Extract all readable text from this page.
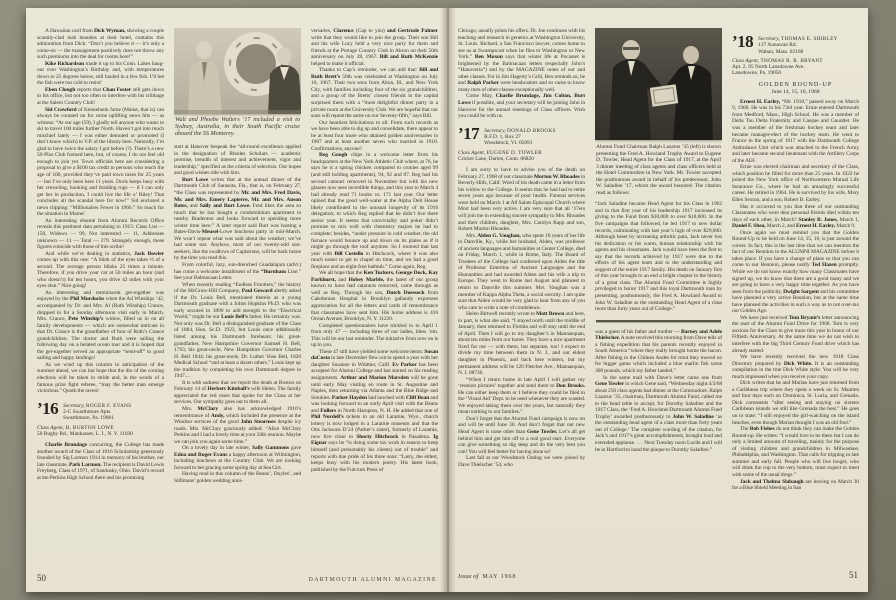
A Hawaiian card from Dick Wyman, showing a couple scantily-clad lush beauties at their hotel, contains this admonition from Dick: “Don’t you believe it — it’s only a come-on — the management positively does not throw any such premiums into the deal for rooms here!”

Kike Richardson made it up to his Conn. Lakes hang-out over Washington’s Birthday and, with temperatures down to 25 degrees below, still hauled in a few fish. I’ll bet the fish were too cold to resist!

Eben Clough reports that Chan Foster still gets down to his office, but not too often to interfere with his cribbage at the Salem Country Club!

Sid Crawford of Kennebunk fame (Maine, that is) can always be counted on for some uplifting news bits — as witness: “At our age (59), I gladly tell anyone who wants to ski to travel 100 miles further North. Haven’t got into much mischief lately — I was either demoted or promoted (I don’t know which) to V.P. of the library here. Naturally, I’m glad to have twice the salary I got before (?). There’s a new 50-Plus Club formed here, but, of course, I do not feel old enough to join yet. Town officials here are considering a proposal to give a $100 tax credit to persons who reach the age of 100, provided they’ve paid town taxes for 25 years — but I’ve only been here 11 years. Doris keeps busy with her creweling, hooking and braiding rugs — if I can only get her in production, I could live the life o’ Riley! That concludes all the scandal here for now!” Sid enclosed a news clipping: “Millionaires Fewer in 1966.” So much for the situation in Maine!

An interesting résumé from Alumni Records Office reveals this pertinent data pertaining to 1915: Class List — 158, Widows — 99, Not interested — 11, Addresses unknown — 11 — Total — 279. Strangely enough, these figures coincide with those of this scribe!

And while we’re dealing in statistics, Jack Bowler comes up with this one: “A blink of the eyes takes ⅓ of a second. The average person blinks 25 times a minute. Therefore, if you drive your car at 50 miles an hour (and who doesn’t) for ten hours, you drive 42 miles with your eyes shut.” Nice going!

An interesting and reminiscent get-together was enjoyed by the Phil Murdocks when the Ad Winships ’42, accompanied by Dr. and Mrs. Al (Ruth Winship) Crance, dropped in for a Sunday afternoon visit early in March. Mrs. Crance, Pete Winship’s widow, filled us in on all family developments — which are somewhat intricate in that Dr. Crance is the grandfather of four of Ruth’s Crance grandchildren. The doctor and Ruth were sailing the following day on a belated ocean tour and it is hoped that the get-together served an appropriate “send-off” to good sailing and happy landings!

As we wind up this column in anticipation of the summer ahead, we can but hope that the din of the coming elections will be taken in stride and, in the words of a famous prize fight referee, “may the better man emerge victorious.” Quoth the raven!

’16 Secretary, ROGER F. EVANS
2-C Swarthmore Apts.
Swarthmore, Pa. 19081
Class Agent, H. BURTON LOWE
50 Rugby Rd., Manhasset, L. I., N. Y. 11030

Charlie Brundage concurring, the College has made another award of the Class of 1916 Scholarship generously founded by Sig Larmon 1914 in memory of his brother, our late classmate, Park Larmon. The recipient is David Lewis Freyberg, Class of 1971, of Sandusky, Ohio. David’s record at the Perkins High School there and his promising

Walt and Phoebe Walters ’17 included a visit to Sydney, Australia, in their South Pacific cruise aboard the SS Monterey.

start at Hanover bespeak the “all-round excellence applied in the designation of Rhodes Scholars — academic promise, breadth of interest and achievement, vigor and leadership,” specified as the criteria of selection. Our hopes and good wishes ride with him.

Burt Lowe writes that at the annual dinner of the Dartmouth Club of Sarasota, Fla., that is, on February 27, “the Class was represented by Mr. and Mrs. Fred Davis, Mr. and Mrs. Emery Lapierre, Mr. and Mrs. Anson Bates, and Sally and Burt Lowe. Fred likes the area so much that he has bought a condominium apartment in nearby Bradenton and looks forward to spending more winter time here.” A later report said Burt was hosting a Bates-Davis-Meusel-Lowe luncheon party in mid-March. We won’t repeat what was said about the weather; we’ve had some too. Anyhow, most of our twenty-odd sun-seekers, like the swallows of Capistrano, will be back home by the time you read this.

From colorful, lazy, sun-drenched Guadalajara (advt.) has come a welcome installment of the “Burnham Line.” See your Balmacaan Letter.

When recently reading “Endless Frontiers,” the history of the McGraw-Hill Company, Paul Goward alertly asked if the Dr. Louis Bell, mentioned therein as a young Dartmouth graduate with a Johns Hopkins Ph.D. who was early secured in 1890 to add strength to the “Electrical World,” might be our Louis Bell’s father. He certainly was. Not only was Dr. Bell a distinguished graduate of the Class of 1884, Hon. Sc.D. 1923, but Louis once additionally listed among his Dartmouth forebears: his great-grandfather, New Hampshire Governor Samuel H. Bell, 1793; his great-uncle, New Hampshire Governor Charles H. Bell 1844; his great-uncle, Dr. Luther Vose Bell, 1826 Medical School “and at least a dozen others.” Louis kept up the tradition by completing his own Dartmouth degree in 1947....

It is with sadness that we report the death at Boston on February 14 of Herbert Kimball’s wife Helen. The family appreciated the red roses that spoke for the Class at her services. Our sympathy goes out to them all.

Mrs. McClary also has acknowledged 1916’s remembrance of Andy, which included the presence at the Windsor services of the good John Stearnses despite icy roads. Mrs. McClary graciously added: “Alice McClary Perkins and I had a lovely time at your 50th reunion. Maybe we can join you again some time.”

On a lovely day in late winter, Sally Gammons gave Edna and Roger Evans a happy afternoon at Wilmington, including luncheon at the Country Club. We are looking forward to her gracing some spring day at Sea Girt.

Having read in this column of the Beans’, Doyles’, and Stillmans’ golden wedding anni-

versaries, Clarence (Cap to you) and Gertrude Palmer write that they would like to join the group. Their son Bill and his wife Lucy held a very nice party for them and friends at the Portage Country Club in Akron on their 50th anniversary on July 28, 1967. Bill and Ruth McKenzie helped to make it official.

Thanks to Cap’s reminder, we can add that: Bill and Ruth Brett’s 50th was celebrated at Washington on July 10, 1967. Their two sons from Alton, Ill., and New York City, with families including four of the six grandchildren, and a group of the Bretts’ closest friends in the capital surprised them with a “most delightful dinner party in a private room at the University Club. We are hopeful that our sons will repeat the same on our Seventy-fifth,” says Bill.

Our heartiest felicitations to all. From such records as we have been able to dig up and consolidate, there appear to be at least four more who attained golden anniversaries in 1967 and at least another seven who married in 1918. Confirmations, anyone?

Reg Gough chips in a welcome letter from his headquarters at the New York Athletic Club where, at 76, he says he is a spring chicken compared to cronies aged 99 (and still holding apartments), 94, 92 and 87. Reg had his second cataract removed in November but with his new glasses now sees incredible things, and this year to March 4 had already read 71 books vs. 171 last year. Our letter opined that the good well-water at the Alpha Delt House likely contributed to the unusual longevity of its 1916 delegation; to which Reg replied that he didn’t live there senior year. It seems that conviviality and poker didn’t promise to mix well with chemistry majors he had to complete; besides, “under pressure in cold weather, the old furnace would bounce up and down on its plates as if it might go through the roof anytime. So I roomed that last year with Bill Costello in Hitchcock, where it was also much easier to get to chapel on time, and we had a good fireplace and an eight-foot bathtub.” Come again, Reg.

We all hope that the Ken Tuckers, George Dock, Kay Parkhurst, and Hobey Marble, the latest of our group known to have had cataracts removed, came through as well as Reg. Through his son, Dutch Doesseck from Caledonian Hospital in Brooklyn gallantly expresses appreciation for all the letters and cards of remembrance that classmates have sent him. His home address is 416 Ocean Avenue, Brooklyn, N. Y. 11226.

Completed questionnaires have trickled in to April 1 from only 47 — including three of our ladies, bless ’em. This will be our last reminder. The initiative from now on is up to you.

These 47 still have yielded some welcome items: Susan daCosta in late December flew out to spend a year with her daughter Susanne in Whittier, Calif. Ev Parker has been accepted for Alumni College and has started on his reading assignments. Arthur and Marion Marsden will be gone until early May visiting en route in St. Augustine and Naples, then returning via Atlanta and the Blue Ridge and Smokies. Parker Hayden had lunched with Cliff Bean and was looking forward to an early April visit with the Beans and Fullers in North Hampton, N. H. He added that one of Phil Nordell’s tickets in an old Laramie, Wyo., church lottery is now lodged in a Laramie museum and that the Otis Jacksons D’24 (Parker’s sister), formerly of Laramie, now live close to Shorty Hitchcock in Pasadena. Ig Eignar says he “is doing some tax work in season to keep himself (and presumably his clients) out of trouble” and reports with due pride of his three sons: “Larry, the eldest, keeps busy with his modern poetry. His latest book, published by the Fulcrum Press of

50	DARTMOUTH ALUMNI MAGAZINE

Chicago, usually prints his offers. Dr. Joe continues with his teaching and research in genetics at Washington University, St. Louis. Richard, a San Francisco lawyer, comes home to see us at Swampscott when he flies to Washington or New York.” Ben Moxon says that winter life at Pocasset is brightened by the Balmacaan letters (especially John’s “Hanoveria”) and by the MAGAZINE notes of our and other classes. For in Jim Hagerty’s Grill, Ben reminds us, he and Ralph Parker were headwaiters and so came to know many men of other classes exceptionally well.

Come May, Charlie Brundage, Jim Colton, Burt Lowe if possible, and your secretary will be joining John in Hanover for the annual meetings of Class officers. Wish you could be with us.

’17 Secretary, DONALD BROOKS
R.F.D. 1, Box 27
Woodstock, Vt. 05091
Class Agent, EUGENE D. TOWLER
Cricket Lane, Darien, Conn. 06820

I am sorry to have to advise you of the death on February 27, 1968 of our classmate Morton W. Rhoades in Beverly Hills, Calif. Word of his death came in a letter from his widow to the College. It seems that he had had to retire seven years ago because of poor health. Funeral services were held on March 1 at All Saints Episcopal Church where Mort had been very active. I am very sure that all ’17ers will join me in extending sincere sympathy to Mrs. Rhoades and their children, daughter, Mrs. Carolyn Rapp and son, Robert Morton Rhoades.

Mrs. Alden G. Vaughan, who spent 18 years of her life in Danville, Ky., while her husband, Alden, was professor of ancient languages and humanities at Center College, died on Friday, March 1, while in Rome, Italy. The Board of Trustees of the College had conferred upon Alden the title of Professor Emeritus of Ancient Languages and the Humanities and had awarded Alden and his wife a trip to Europe. They went to Rome last August and planned to return to Danville this summer. Mrs. Vaughan was a member of Kappa Alpha Theta, a social sorority. I am quite sure that Alden would be very glad to hear from any of you who care to write a note of condolence.

Helen Birtwell recently wrote to Mott Brown and here, in part, is what she said, “I stayed north until the middle of January, then returned to Florida and will stay until the end of April. Then I will go to my daughter’s in Mannasquan, about ten miles from our home. They have a nice apartment fixed for me — with them, but separate, too! I expect to divide my time between them in N. J., and our eldest daughter in Phoenix, and back here winters, but my permanent address will be 120 Fletcher Ave., Mannasquan, N. J. 08736.

“When I return home in late April I will gather my ‘reunion pictures’ together and send them to Don Brooks. He can either keep them or I believe they could be filed in the ‘Visual Aid’ Dept. to be used whenever they are wanted. We enjoyed taking them over the years, but naturally they mean nothing to our families.”

Don’t forget that the Alumni Fund campaign is now on and will be until June 30. And don’t forget that our new Head Agent is none other than Gene Towler. Let’s all get behind him and get him off to a real good start. Everyone can give something so dig deep and do the very best you can! You will feel better for having done so!

Last fall at our Woodstock Outing we were joined by Dave Thielscher ’54, who

Alumni Fund Chairman Ralph Lazarus ’35 (left) is shown presenting the Fred A. Howland Trophy Award to Eugene D. Towler, Head Agent for the Class of 1917, at the April 3 dinner meeting of class agents and class officers held at the Hotel Commodore in New York. Mr. Towler accepted the posthumous award in behalf of his predecessor, John W. Saladine ’17, whom the award honored. The citation read as follows:

“Jack Saladine became Head Agent for his Class in 1962 and in that first year of his leadership 1917 increased its giving to the Fund from $10,000 to over $18,000. In the five campaigns that followed, he led 1917 to new dollar records, culminating with last year’s high of over $29,000. Although beset by increasing arthritic pain, Jack never lost his dedication or his warm, human relationship with his agents and his classmates. Jack would have been the first to say that the records achieved by 1917 were due to the efforts of his agent team and to the understanding and support of the entire 1917 family. His death on January first of this year brought to an end a bright chapter in the history of a great class. The Alumni Fund Committee is highly privileged to honor 1917 and this loyal Dartmouth man by presenting, posthumously, the Fred A. Howland Award to John W. Saladine as the outstanding Head Agent of a class more than forty years out of College.”

was a guest of his father and mother — Barney and Adele Thielscher. A note received this morning from Dave tells of a fishing expedition that his parents recently enjoyed in South America “where they really brought home the bacon. After fishing in the Chilean Andes for trout they moved on for bigger game which included a blue marlin fish some 300 pounds, which my father landed.”

In the same mail with Dave’s letter came one from Gene Towler in which Gene said, “Wednesday night 4/3/68 about 250 class agents had dinner at the Commodore. Ralph Lazarus ’35, chairman, Dartmouth Alumni Fund, called me to the head table to accept, for Dorothy Saladine and the 1917 Class, the ‘Fred A. Howland-Dartmouth Alumni Fund Trophy’ awarded posthumously to John W. Saladine ‘as the outstanding head agent of a class more than forty years out of College.’ The complete wording of the citation, for Jack’s and 1917’s great accomplishments, brought loud and extended applause. . . . Next Tuesday noon Lucile and I will be in Hartford to hand the plaque to Dorothy Saladine.”

’18 Secretary, THOMAS E. SHIRLEY
137 Annawan Rd.
Waban, Mass. 02168
Class Agent, THOMAS B. R. BRYANT
Apt. 2, 95 North Lansdowne Ave.
Lansdowne, Pa. 19050
GOLDEN ROUND-UP
June 14, 15, 16, 1968

Ernest H. Earley, “Mr. 1918,” passed away on March 9, 1968. He was in his 73rd year. Ernie entered Dartmouth from Medford, Mass., High School. He was a member of Delta Tau Delta Fraternity and Casque and Gauntlet. He was a member of the freshman hockey team and later became manager-elect of the hockey team. He went to France in the spring of 1917 with the Dartmouth College Ambulance Unit which was attached to the French Army and later became second lieutenant with the Artillery Corps of the AEF.

Ernie was elected chairman and secretary of the Class, which position he filled for more than 25 years. In 1922 he joined the New York office of Northwestern Mutual Life Insurance Co., where he had an amazingly successful career. He retired in 1964. He is survived by his wife, Mary Ellen Sexton, and a son, Robert B. Earley.

Has it occurred to you that three of our outstanding Classmates who were dear personal friends died within ten days of each other, in March? Stanley B. Jones, March 1, Daniel F. Shea, March 2, and Ernest H. Earley, March 9.

Once again we must remind you that the Golden Round-Up to be held on June 14, 15, 16, is just around the corner. In fact, this is the last time that we can mention the fact of our Reunion in the ALUMNI MAGAZINE before it takes place. If you have a change of plans so that you can come to our Reunion, please notify Ted Hazen promptly. While we do not know exactly how many Classmates have signed up, we do know that there are a good many and we are going to have a very happy time together. As you have seen from the publicity, Dwight Sargent and his committee have planned a very active Reunion, but at the same time have planned the activities in such a way as to not over-tax our Golden Age.

We have just received Tom Bryant’s letter announcing the start of the Alumni Fund Drive for 1968. Tom is very anxious for the Class to give more this year in honor of our Fiftieth Anniversary. At the same time we do not wish to interfere with the big Third Century Fund drive which has already started.

We have recently received the new 1918 Class Directory prepared by Dick White. It is an outstanding compilation in the true Dick White style. You will be very much impressed when you receive your copy.

Dick writes that he and Marian have just returned from a Caribbean trip where they spent a week on St. Maarten and four days each on Dominica, St. Lucia, and Grenada. Dick comments “after seeing and staying on sixteen Caribbean islands we still like Grenada the best.” He goes on to state: “I still enjoyed the girl-watching on the island beaches, even though Marian thought I was an old fool.”

The Bob Fishes do not think they can make the Golden Round-up. He writes: “I would love to be there but I can do only a limited amount of traveling, mainly for the purpose of visiting children and grandchildren in Milwaukee, Philadelphia, and Washington. That calls for tripping in late summer and early fall. People who will live longer, who will drink the cup to the very bottom, must expect to meet with some of the usual dregs.”

Jack and Thelma Slabaugh are leaving on March 30 for a Blue Shield Meeting in San

Issue of MAY 1968	51
